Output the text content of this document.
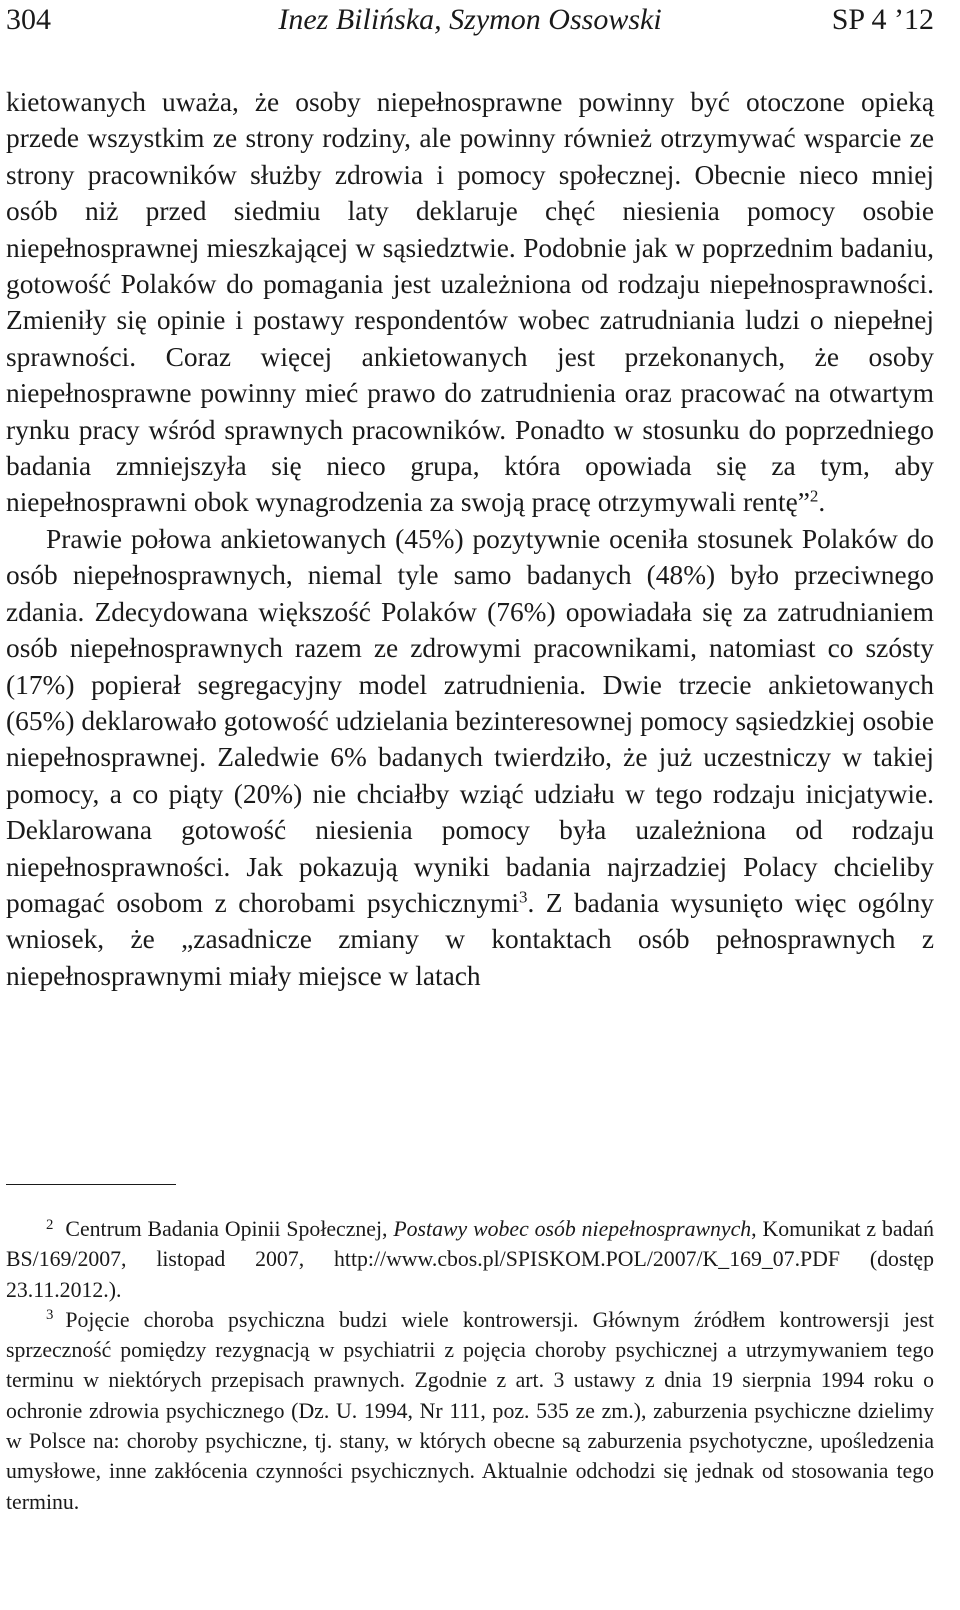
304	Inez Bilińska, Szymon Ossowski	SP 4 ’12

kietowanych uważa, że osoby niepełnosprawne powinny być otoczone opieką przede wszystkim ze strony rodziny, ale powinny również otrzymywać wsparcie ze strony pracowników służby zdrowia i pomocy społecznej. Obecnie nieco mniej osób niż przed siedmiu laty deklaruje chęć niesienia pomocy osobie niepełnosprawnej mieszkającej w sąsiedztwie. Podobnie jak w poprzednim badaniu, gotowość Polaków do pomagania jest uzależniona od rodzaju niepełnosprawności. Zmieniły się opinie i postawy respondentów wobec zatrudniania ludzi o niepełnej sprawności. Coraz więcej ankietowanych jest przekonanych, że osoby niepełnosprawne powinny mieć prawo do zatrudnienia oraz pracować na otwartym rynku pracy wśród sprawnych pracowników. Ponadto w stosunku do poprzedniego badania zmniejszyła się nieco grupa, która opowiada się za tym, aby niepełnosprawni obok wynagrodzenia za swoją pracę otrzymywali rentę”$^2$.

Prawie połowa ankietowanych (45%) pozytywnie oceniła stosunek Polaków do osób niepełnosprawnych, niemal tyle samo badanych (48%) było przeciwnego zdania. Zdecydowana większość Polaków (76%) opowiadała się za zatrudnianiem osób niepełnosprawnych razem ze zdrowymi pracownikami, natomiast co szósty (17%) popierał segregacyjny model zatrudnienia. Dwie trzecie ankietowanych (65%) deklarowało gotowość udzielania bezinteresownej pomocy sąsiedzkiej osobie niepełnosprawnej. Zaledwie 6% badanych twierdziło, że już uczestniczy w takiej pomocy, a co piąty (20%) nie chciałby wziąć udziału w tego rodzaju inicjatywie. Deklarowana gotowość niesienia pomocy była uzależniona od rodzaju niepełnosprawności. Jak pokazują wyniki badania najrzadziej Polacy chcieliby pomagać osobom z chorobami psychicznymi$^3$. Z badania wysunięto więc ogólny wniosek, że „zasadnicze zmiany w kontaktach osób pełnosprawnych z niepełnosprawnymi miały miejsce w latach

$^2$ Centrum Badania Opinii Społecznej, Postawy wobec osób niepełnosprawnych, Komunikat z badań BS/169/2007, listopad 2007, http://www.cbos.pl/SPISKOM.POL/2007/K_169_07.PDF (dostęp 23.11.2012.).

$^3$ Pojęcie choroba psychiczna budzi wiele kontrowersji. Głównym źródłem kontrowersji jest sprzeczność pomiędzy rezygnacją w psychiatrii z pojęcia choroby psychicznej a utrzymywaniem tego terminu w niektórych przepisach prawnych. Zgodnie z art. 3 ustawy z dnia 19 sierpnia 1994 roku o ochronie zdrowia psychicznego (Dz. U. 1994, Nr 111, poz. 535 ze zm.), zaburzenia psychiczne dzielimy w Polsce na: choroby psychiczne, tj. stany, w których obecne są zaburzenia psychotyczne, upośledzenia umysłowe, inne zakłócenia czynności psychicznych. Aktualnie odchodzi się jednak od stosowania tego terminu.
